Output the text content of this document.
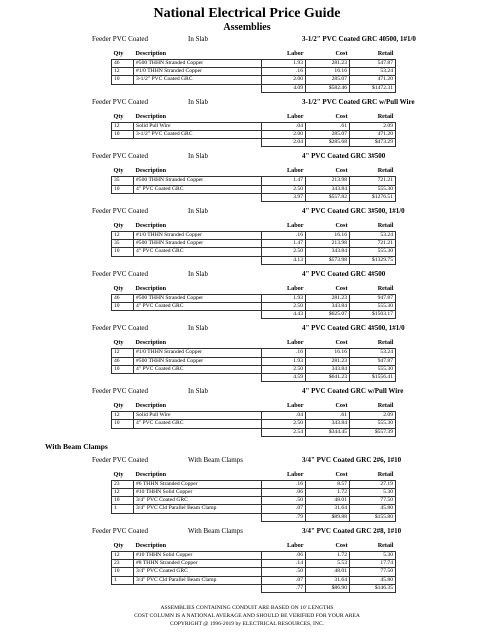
National Electrical Price Guide
Assemblies
Feeder PVC Coated	In Slab	3-1/2" PVC Coated GRC 40500, 1#1/0
Qty	Description	Labor	Cost	Retail
46	#500 THHN Stranded Copper	1.93	281.23	547.87
12	#1/0 THHN Stranded Copper	.16	16.16	53.24
10	3-1/2" PVC Coated GRC	2.00	285.07	471.20
		4.09	$582.46	$1472.31
Feeder PVC Coated	In Slab	3-1/2" PVC Coated GRC w/Pull Wire
Qty	Description	Labor	Cost	Retail
12	Solid Pull Wire	.04	.61	2.09
10	3-1/2" PVC Coated GRC	2.00	285.07	471.20
		2.04	$285.68	$473.29
Feeder PVC Coated	In Slab	4" PVC Coated GRC 3#500
Qty	Description	Labor	Cost	Retail
35	#500 THHN Stranded Copper	1.47	213.98	721.21
10	4" PVC Coated GRC	2.50	343.84	555.30
		3.97	$557.82	$1276.51
Feeder PVC Coated	In Slab	4" PVC Coated GRC 3#500, 1#1/0
Qty	Description	Labor	Cost	Retail
12	#1/0 THHN Stranded Copper	.16	16.16	53.24
35	#500 THHN Stranded Copper	1.47	213.98	721.21
10	4" PVC Coated GRC	2.50	343.84	555.30
		4.13	$573.98	$1329.75
Feeder PVC Coated	In Slab	4" PVC Coated GRC 4#500
Qty	Description	Labor	Cost	Retail
46	#500 THHN Stranded Copper	1.93	281.23	947.87
10	4" PVC Coated GRC	2.50	343.84	555.30
		4.43	$625.07	$1503.17
Feeder PVC Coated	In Slab	4" PVC Coated GRC 4#500, 1#1/0
Qty	Description	Labor	Cost	Retail
12	#1/0 THHN Stranded Copper	.16	16.16	53.24
46	#500 THHN Stranded Copper	1.93	281.23	947.87
10	4" PVC Coated GRC	2.50	343.84	555.30
		4.59	$641.23	$1556.41
Feeder PVC Coated	In Slab	4" PVC Coated GRC w/Pull Wire
Qty	Description	Labor	Cost	Retail
12	Solid Pull Wire	.04	.61	2.09
10	4" PVC Coated GRC	2.50	343.84	555.30
		2.54	$344.45	$557.39
With Beam Clamps
Feeder PVC Coated	With Beam Clamps	3/4" PVC Coated GRC 2#6, 1#10
Qty	Description	Labor	Cost	Retail
23	#6 THHN Stranded Copper	.16	8.57	27.19
12	#10 THHN Solid Copper	.06	1.72	5.30
10	3/4" PVC Coated GRC	.50	48.01	77.50
1	3/4" PVC Cld Parallel Beam Clamp	.07	31.64	45.80
		.79	$89.88	$155.80
Feeder PVC Coated	With Beam Clamps	3/4" PVC Coated GRC 2#8, 1#10
Qty	Description	Labor	Cost	Retail
12	#10 THHN Solid Copper	.06	1.72	5.30
23	#8 THHN Stranded Copper	.14	5.53	17.74
10	3/4" PVC Coated GRC	.50	48.01	77.50
1	3/4" PVC Cld Parallel Beam Clamp	.07	31.64	45.80
		.77	$86.90	$146.35
ASSEMBLIES CONTAINING CONDUIT ARE BASED ON 10' LENGTHS
COST COLUMN IS A NATIONAL AVERAGE AND SHOULD BE VERIFIED FOR YOUR AREA
COPYRIGHT @ 1996-2019 by ELECTRICAL RESOURCES, INC.
